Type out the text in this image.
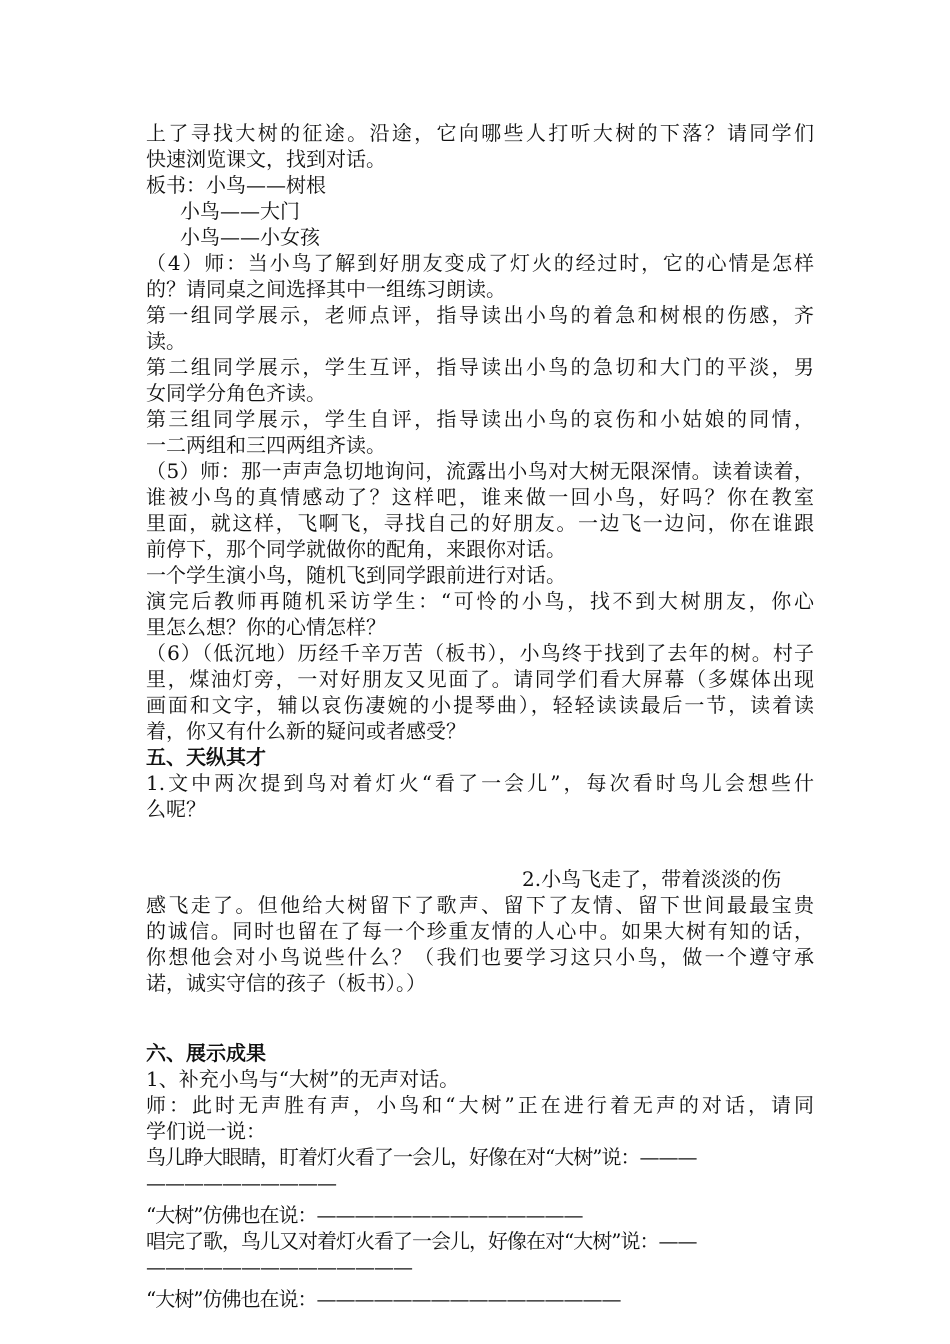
上了寻找大树的征途。沿途，它向哪些人打听大树的下落？请同学们
快速浏览课文，找到对话。
板书：小鸟——树根
小鸟——大门
小鸟——小女孩
（4）师：当小鸟了解到好朋友变成了灯火的经过时，它的心情是怎样
的？请同桌之间选择其中一组练习朗读。
第一组同学展示，老师点评，指导读出小鸟的着急和树根的伤感，齐
读。
第二组同学展示，学生互评，指导读出小鸟的急切和大门的平淡，男
女同学分角色齐读。
第三组同学展示，学生自评，指导读出小鸟的哀伤和小姑娘的同情，
一二两组和三四两组齐读。
（5）师：那一声声急切地询问，流露出小鸟对大树无限深情。读着读着，
谁被小鸟的真情感动了？这样吧，谁来做一回小鸟，好吗？你在教室
里面，就这样，飞啊飞，寻找自己的好朋友。一边飞一边问，你在谁跟
前停下，那个同学就做你的配角，来跟你对话。
一个学生演小鸟，随机飞到同学跟前进行对话。
演完后教师再随机采访学生：“可怜的小鸟，找不到大树朋友，你心
里怎么想？你的心情怎样？
（6）（低沉地）历经千辛万苦（板书），小鸟终于找到了去年的树。村子
里，煤油灯旁，一对好朋友又见面了。请同学们看大屏幕（多媒体出现
画面和文字，辅以哀伤凄婉的小提琴曲），轻轻读读最后一节，读着读
着，你又有什么新的疑问或者感受？
五、天纵其才
1.文中两次提到鸟对着灯火“看了一会儿”，每次看时鸟儿会想些什
么呢？
2.小鸟飞走了，带着淡淡的伤
感飞走了。但他给大树留下了歌声、留下了友情、留下世间最最宝贵
的诚信。同时也留在了每一个珍重友情的人心中。如果大树有知的话，
你想他会对小鸟说些什么？（我们也要学习这只小鸟，做一个遵守承
诺，诚实守信的孩子（板书）。）
六、展示成果
1、补充小鸟与“大树”的无声对话。
师：此时无声胜有声，小鸟和“大树”正在进行着无声的对话，请同
学们说一说：
鸟儿睁大眼睛，盯着灯火看了一会儿，好像在对“大树”说：———
——————————
“大树”仿佛也在说：——————————————
唱完了歌，鸟儿又对着灯火看了一会儿，好像在对“大树”说：——
——————————————
“大树”仿佛也在说：————————————————
